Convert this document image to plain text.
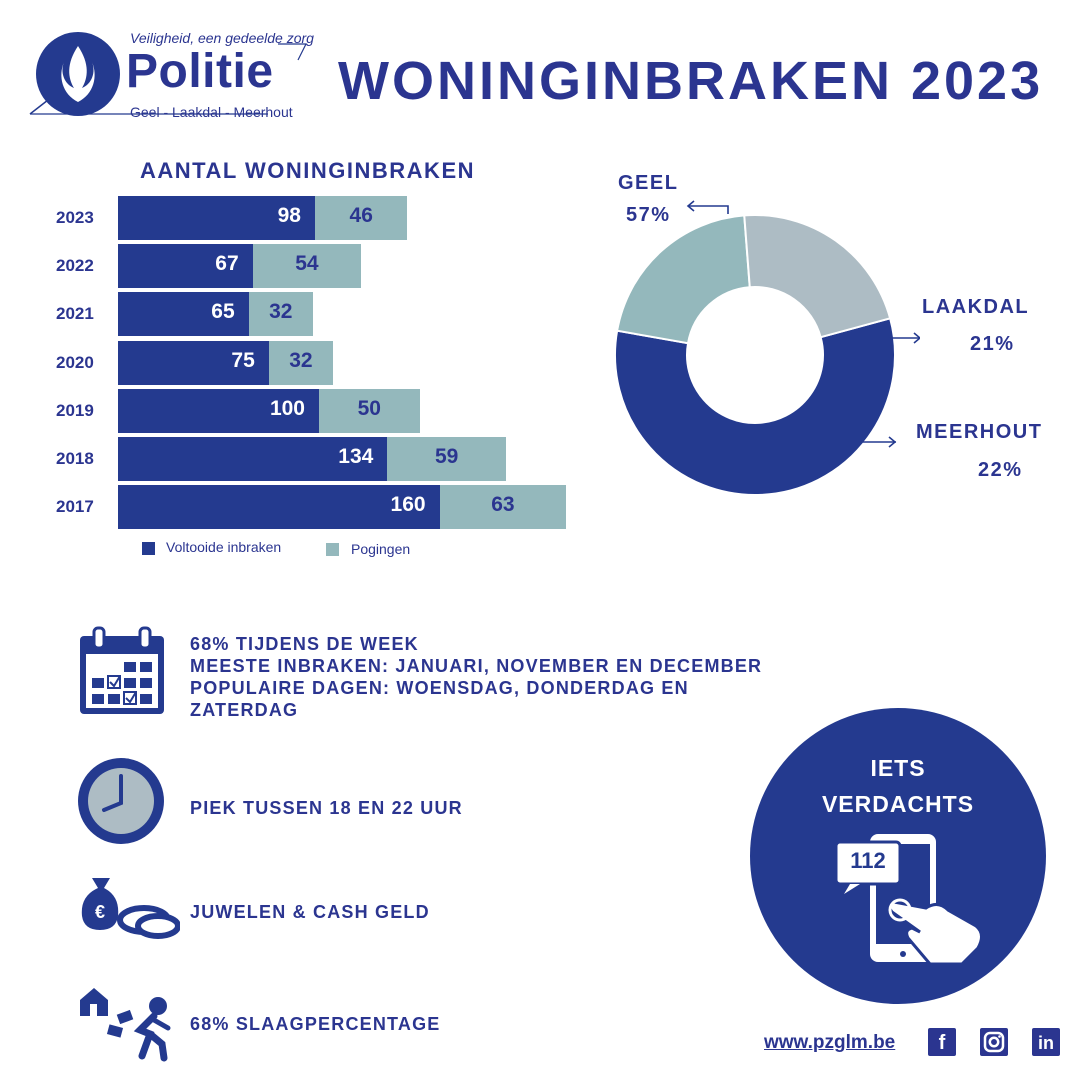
Veiligheid, een gedeelde zorg
Politie
Geel - Laakdal - Meerhout
WONINGINBRAKEN 2023
AANTAL WONINGINBRAKEN
2023	98	46
2022	67	54
2021	65	32
2020	75	32
2019	100	50
2018	134	59
2017	160	63
Voltooide inbraken	Pogingen
GEEL
57%
LAAKDAL
21%
MEERHOUT
22%
68% TIJDENS DE WEEK
MEESTE INBRAKEN: JANUARI, NOVEMBER EN DECEMBER
POPULAIRE DAGEN: WOENSDAG, DONDERDAG EN
ZATERDAG
PIEK TUSSEN 18 EN 22 UUR
€	JUWELEN & CASH GELD
68% SLAAGPERCENTAGE
IETS
VERDACHTS
112
www.pzglm.be	f	in
